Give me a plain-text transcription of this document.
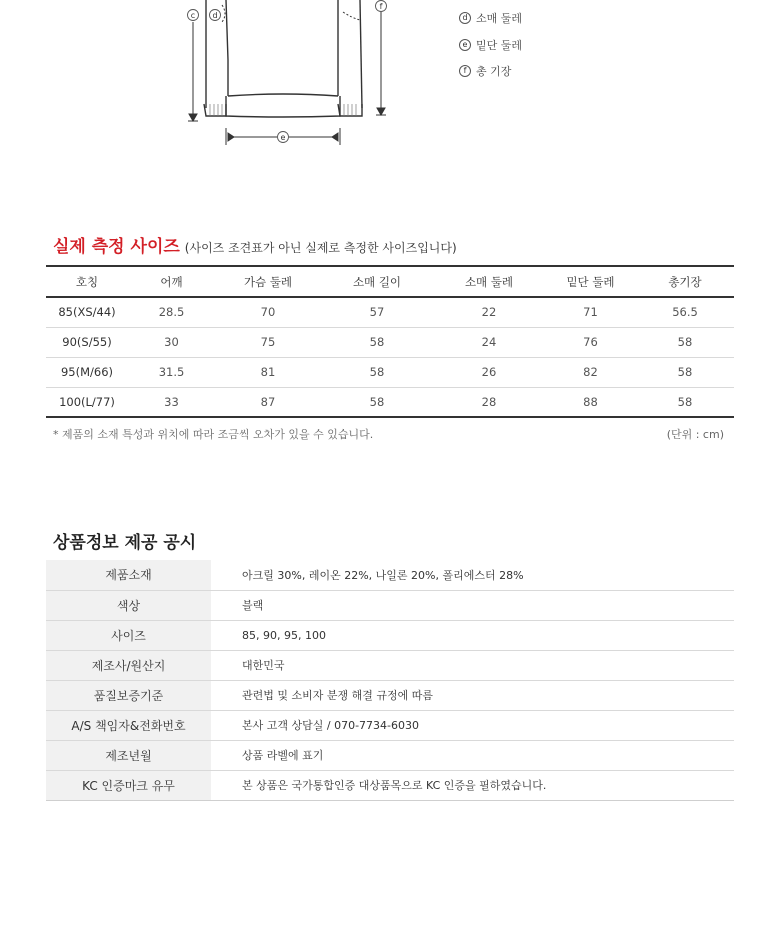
c d
e
f
d 소매 둘레
e 밑단 둘레
f 총 기장
실제 측정 사이즈 (사이즈 조견표가 아닌 실제로 측정한 사이즈입니다)
호칭	어깨	가슴 둘레	소매 길이	소매 둘레	밑단 둘레	총기장
85(XS/44)	28.5	70	57	22	71	56.5
90(S/55)	30	75	58	24	76	58
95(M/66)	31.5	81	58	26	82	58
100(L/77)	33	87	58	28	88	58
* 제품의 소재 특성과 위치에 따라 조금씩 오차가 있을 수 있습니다.	(단위 : cm)
상품정보 제공 공시
제품소재	아크릴 30%, 레이온 22%, 나일론 20%, 폴리에스터 28%
색상	블랙
사이즈	85, 90, 95, 100
제조사/원산지	대한민국
품질보증기준	관련법 및 소비자 분쟁 해결 규정에 따름
A/S 책임자&전화번호	본사 고객 상담실 / 070-7734-6030
제조년월	상품 라벨에 표기
KC 인증마크 유무	본 상품은 국가통합인증 대상품목으로 KC 인증을 필하였습니다.
